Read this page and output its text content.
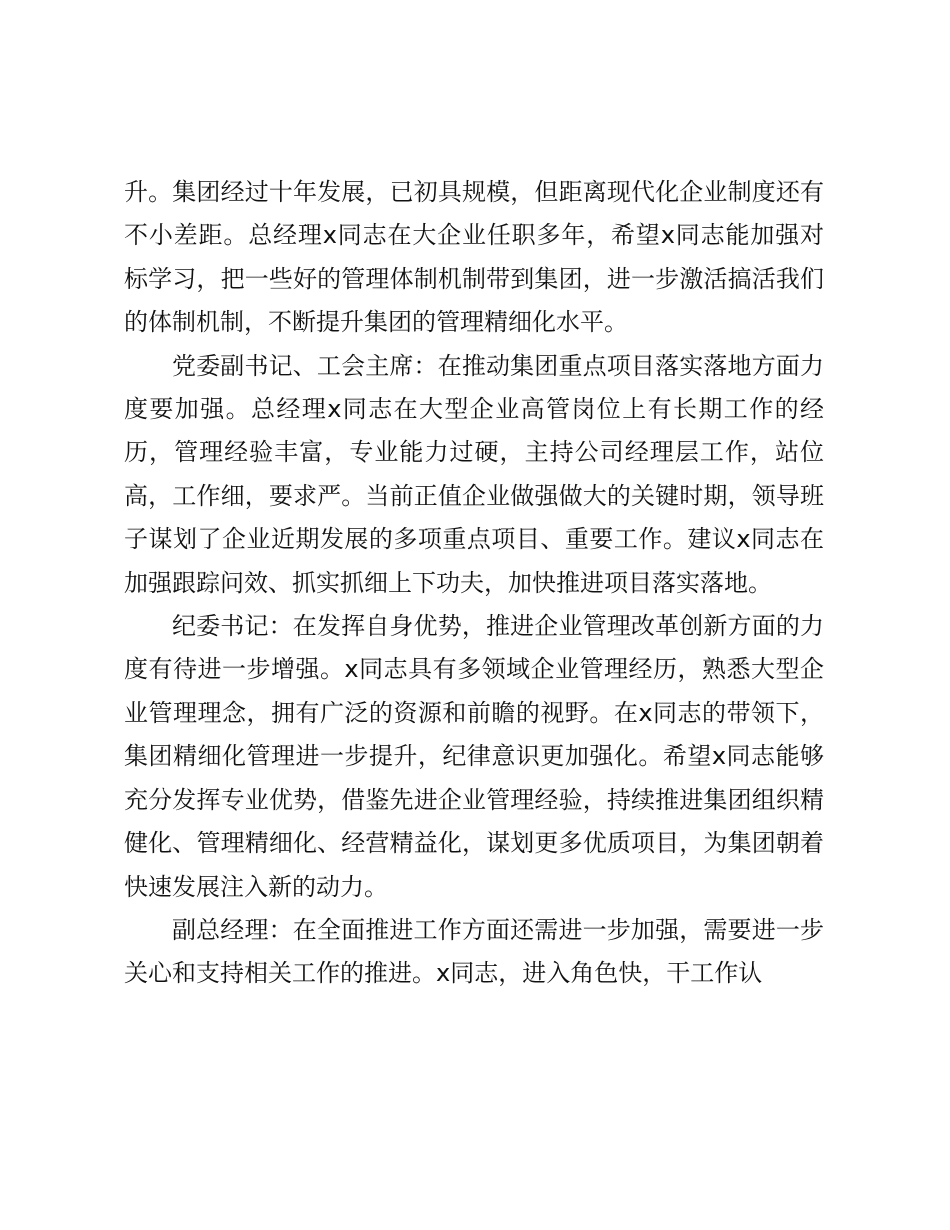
升。集团经过十年发展，已初具规模，但距离现代化企业制度还有不小差距。总经理x同志在大企业任职多年，希望x同志能加强对标学习，把一些好的管理体制机制带到集团，进一步激活搞活我们的体制机制，不断提升集团的管理精细化水平。

党委副书记、工会主席：在推动集团重点项目落实落地方面力度要加强。总经理x同志在大型企业高管岗位上有长期工作的经历，管理经验丰富，专业能力过硬，主持公司经理层工作，站位高，工作细，要求严。当前正值企业做强做大的关键时期，领导班子谋划了企业近期发展的多项重点项目、重要工作。建议x同志在加强跟踪问效、抓实抓细上下功夫，加快推进项目落实落地。

纪委书记：在发挥自身优势，推进企业管理改革创新方面的力度有待进一步增强。x同志具有多领域企业管理经历，熟悉大型企业管理理念，拥有广泛的资源和前瞻的视野。在x同志的带领下，集团精细化管理进一步提升，纪律意识更加强化。希望x同志能够充分发挥专业优势，借鉴先进企业管理经验，持续推进集团组织精健化、管理精细化、经营精益化，谋划更多优质项目，为集团朝着快速发展注入新的动力。

副总经理：在全面推进工作方面还需进一步加强，需要进一步关心和支持相关工作的推进。x同志，进入角色快，干工作认
